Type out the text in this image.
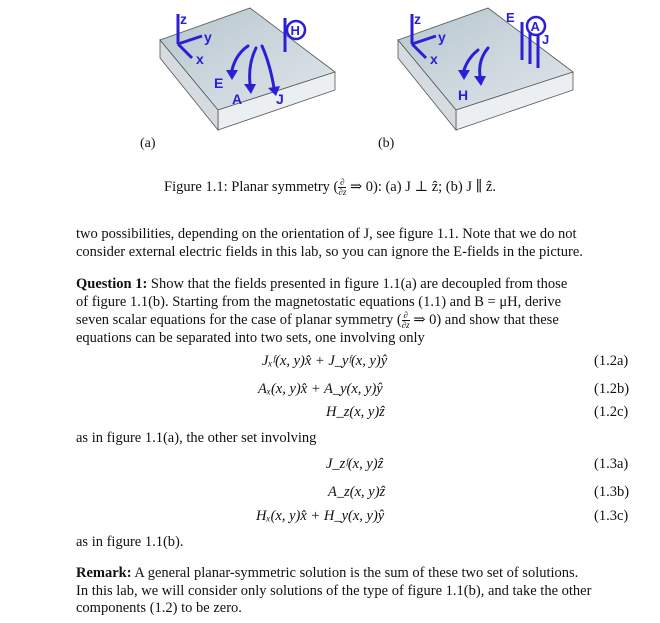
z
y
x
H
E
A J
(a)
z
y
x
E
A
J
H
(b)
Figure 1.1: Planar symmetry ( $\frac{\partial}{\partial z}$ ⇒ 0): (a) J ⊥ ẑ; (b) J ∥ ẑ.
two possibilities, depending on the orientation of J, see figure 1.1. Note that we do not
consider external electric fields in this lab, so you can ignore the E-fields in the picture.
Question 1: Show that the fields presented in figure 1.1(a) are decoupled from those
of figure 1.1(b). Starting from the magnetostatic equations (1.1) and B = μH, derive
seven scalar equations for the case of planar symmetry ( $\frac{\partial}{\partial z}$ ⇒ 0) and show that these
equations can be separated into two sets, one involving only
Jₓᶠ(x, y)x̂ + J_yᶠ(x, y)ŷ	(1.2a)
Aₓ(x, y)x̂ + A_y(x, y)ŷ	(1.2b)
H_z(x, y)ẑ	(1.2c)
as in figure 1.1(a), the other set involving
J_zᶠ(x, y)ẑ	(1.3a)
A_z(x, y)ẑ	(1.3b)
Hₓ(x, y)x̂ + H_y(x, y)ŷ	(1.3c)
as in figure 1.1(b).
Remark: A general planar-symmetric solution is the sum of these two set of solutions.
In this lab, we will consider only solutions of the type of figure 1.1(b), and take the other
components (1.2) to be zero.
